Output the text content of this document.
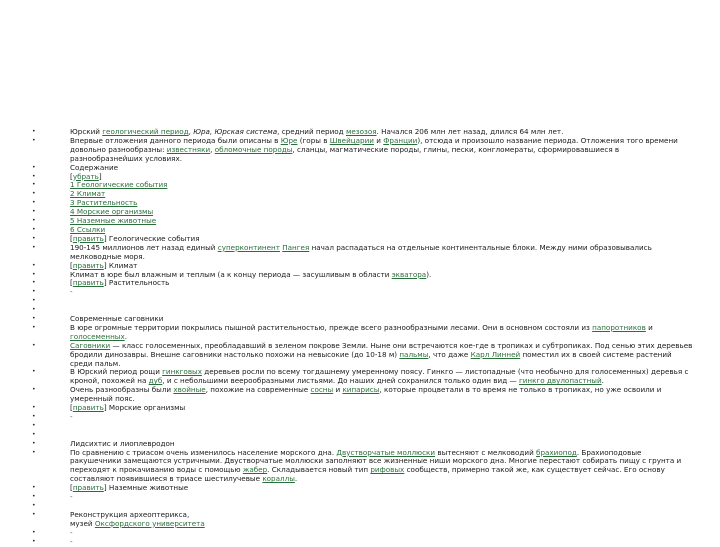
• Юрский геологический период, Юра, Юрская система, средний период мезозоя. Начался 206 млн лет назад, длился 64 млн лет.
• Впервые отложения данного периода были описаны в Юре (горы в Швейцарии и Франции), отсюда и произошло название периода. Отложения того времени довольно разнообразны: известняки, обломочные породы, сланцы, магматические породы, глины, пески, конгломераты, сформировавшиеся в разнообразнейших условиях.
• Содержание
• [убрать]
• 1 Геологические события
• 2 Климат
• 3 Растительность
• 4 Морские организмы
• 5 Наземные животные
• 6 Ссылки
• [править] Геологические события
• 190-145 миллионов лет назад единый суперконтинент Пангея начал распадаться на отдельные континентальные блоки. Между ними образовывались мелководные моря.
• [править] Климат
• Климат в юре был влажным и теплым (а к концу периода — засушливым в области экватора).
• [править] Растительность
• -
•
•
• Современные саговники
• В юре огромные территории покрылись пышной растительностью, прежде всего разнообразными лесами. Они в основном состояли из папоротников и голосеменных.
• Саговники — класс голосеменных, преобладавший в зеленом покрове Земли. Ныне они встречаются кое-где в тропиках и субтропиках. Под сенью этих деревьев бродили динозавры. Внешне саговники настолько похожи на невысокие (до 10-18 м) пальмы, что даже Карл Линней поместил их в своей системе растений среди пальм.
• В Юрский период рощи гинкговых деревьев росли по всему тогдашнему умеренному поясу. Гинкго — листопадные (что необычно для голосеменных) деревья с кроной, похожей на дуб, и с небольшими веерообразными листьями. До наших дней сохранился только один вид — гинкго двулопастный.
• Очень разнообразны были хвойные, похожие на современные сосны и кипарисы, которые процветали в то время не только в тропиках, но уже освоили и умеренный пояс.
• [править] Морские организмы
• -
•
•
• Лидсихтис и лиоплевродон
• По сравнению с триасом очень изменилось население морского дна. Двустворчатые моллюски вытесняют с мелководий брахиопод. Брахиоподовые ракушечники замещаются устричными. Двустворчатые моллюски заполняют все жизненные ниши морского дна. Многие перестают собирать пищу с грунта и переходят к прокачиванию воды с помощью жабер. Складывается новый тип рифовых сообществ, примерно такой же, как существует сейчас. Его основу составляют появившиеся в триасе шестилучевые кораллы.
• [править] Наземные животные
• -
•
• Реконструкция археоптерикса,
музей Оксфордского университета
• -
• -
